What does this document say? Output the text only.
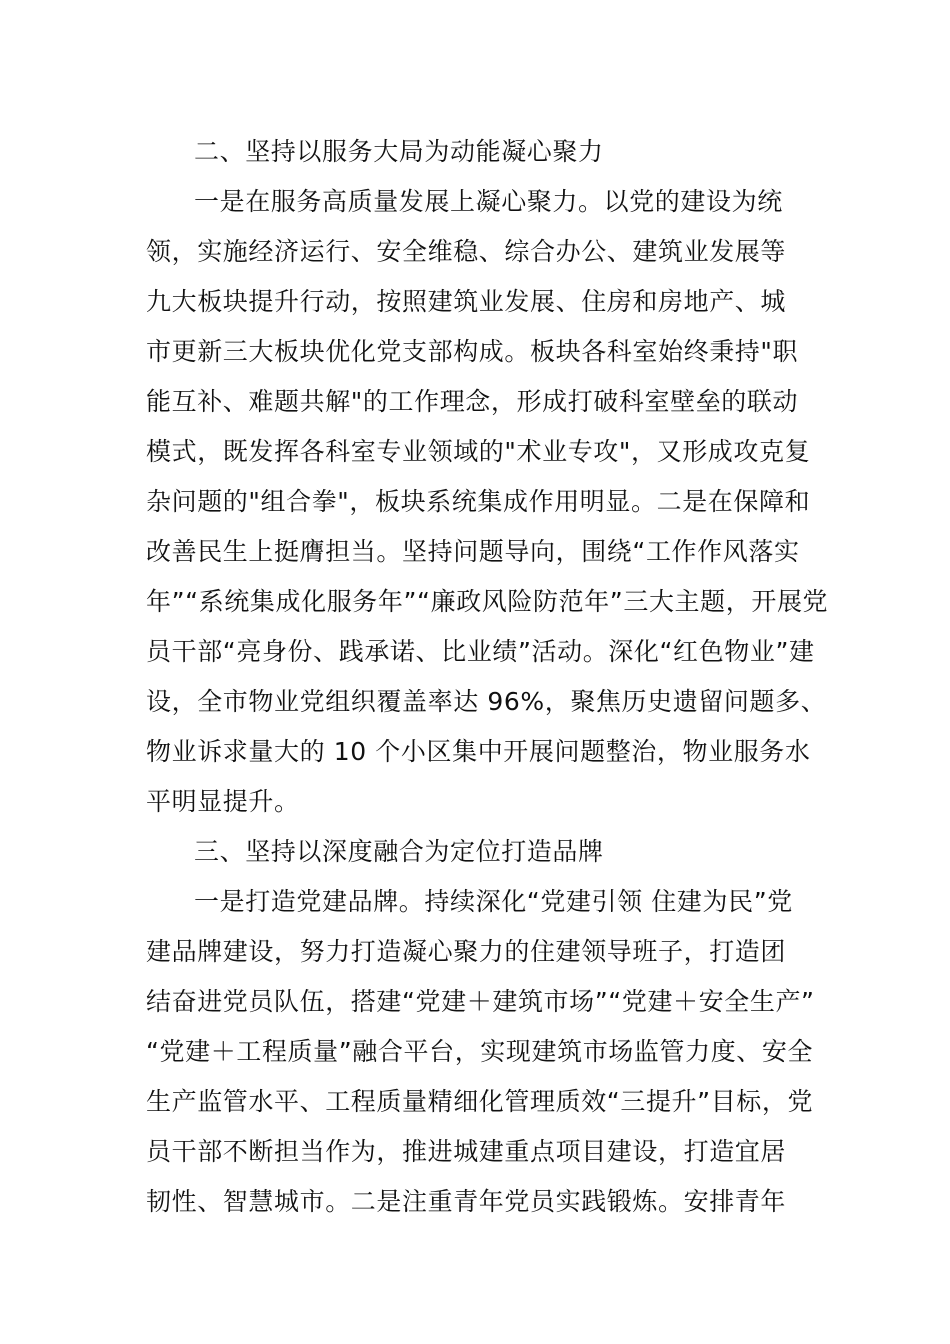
二、坚持以服务大局为动能凝心聚力
一是在服务高质量发展上凝心聚力。以党的建设为统
领，实施经济运行、安全维稳、综合办公、建筑业发展等
九大板块提升行动，按照建筑业发展、住房和房地产、城
市更新三大板块优化党支部构成。板块各科室始终秉持"职
能互补、难题共解"的工作理念，形成打破科室壁垒的联动
模式，既发挥各科室专业领域的"术业专攻"，又形成攻克复
杂问题的"组合拳"，板块系统集成作用明显。二是在保障和
改善民生上挺膺担当。坚持问题导向，围绕“工作作风落实
年”“系统集成化服务年”“廉政风险防范年”三大主题，开展党
员干部“亮身份、践承诺、比业绩”活动。深化“红色物业”建
设，全市物业党组织覆盖率达 96%，聚焦历史遗留问题多、
物业诉求量大的 10 个小区集中开展问题整治，物业服务水
平明显提升。
三、坚持以深度融合为定位打造品牌
一是打造党建品牌。持续深化“党建引领 住建为民”党
建品牌建设，努力打造凝心聚力的住建领导班子，打造团
结奋进党员队伍，搭建“党建＋建筑市场”“党建＋安全生产”
“党建＋工程质量”融合平台，实现建筑市场监管力度、安全
生产监管水平、工程质量精细化管理质效“三提升”目标，党
员干部不断担当作为，推进城建重点项目建设，打造宜居
韧性、智慧城市。二是注重青年党员实践锻炼。安排青年
